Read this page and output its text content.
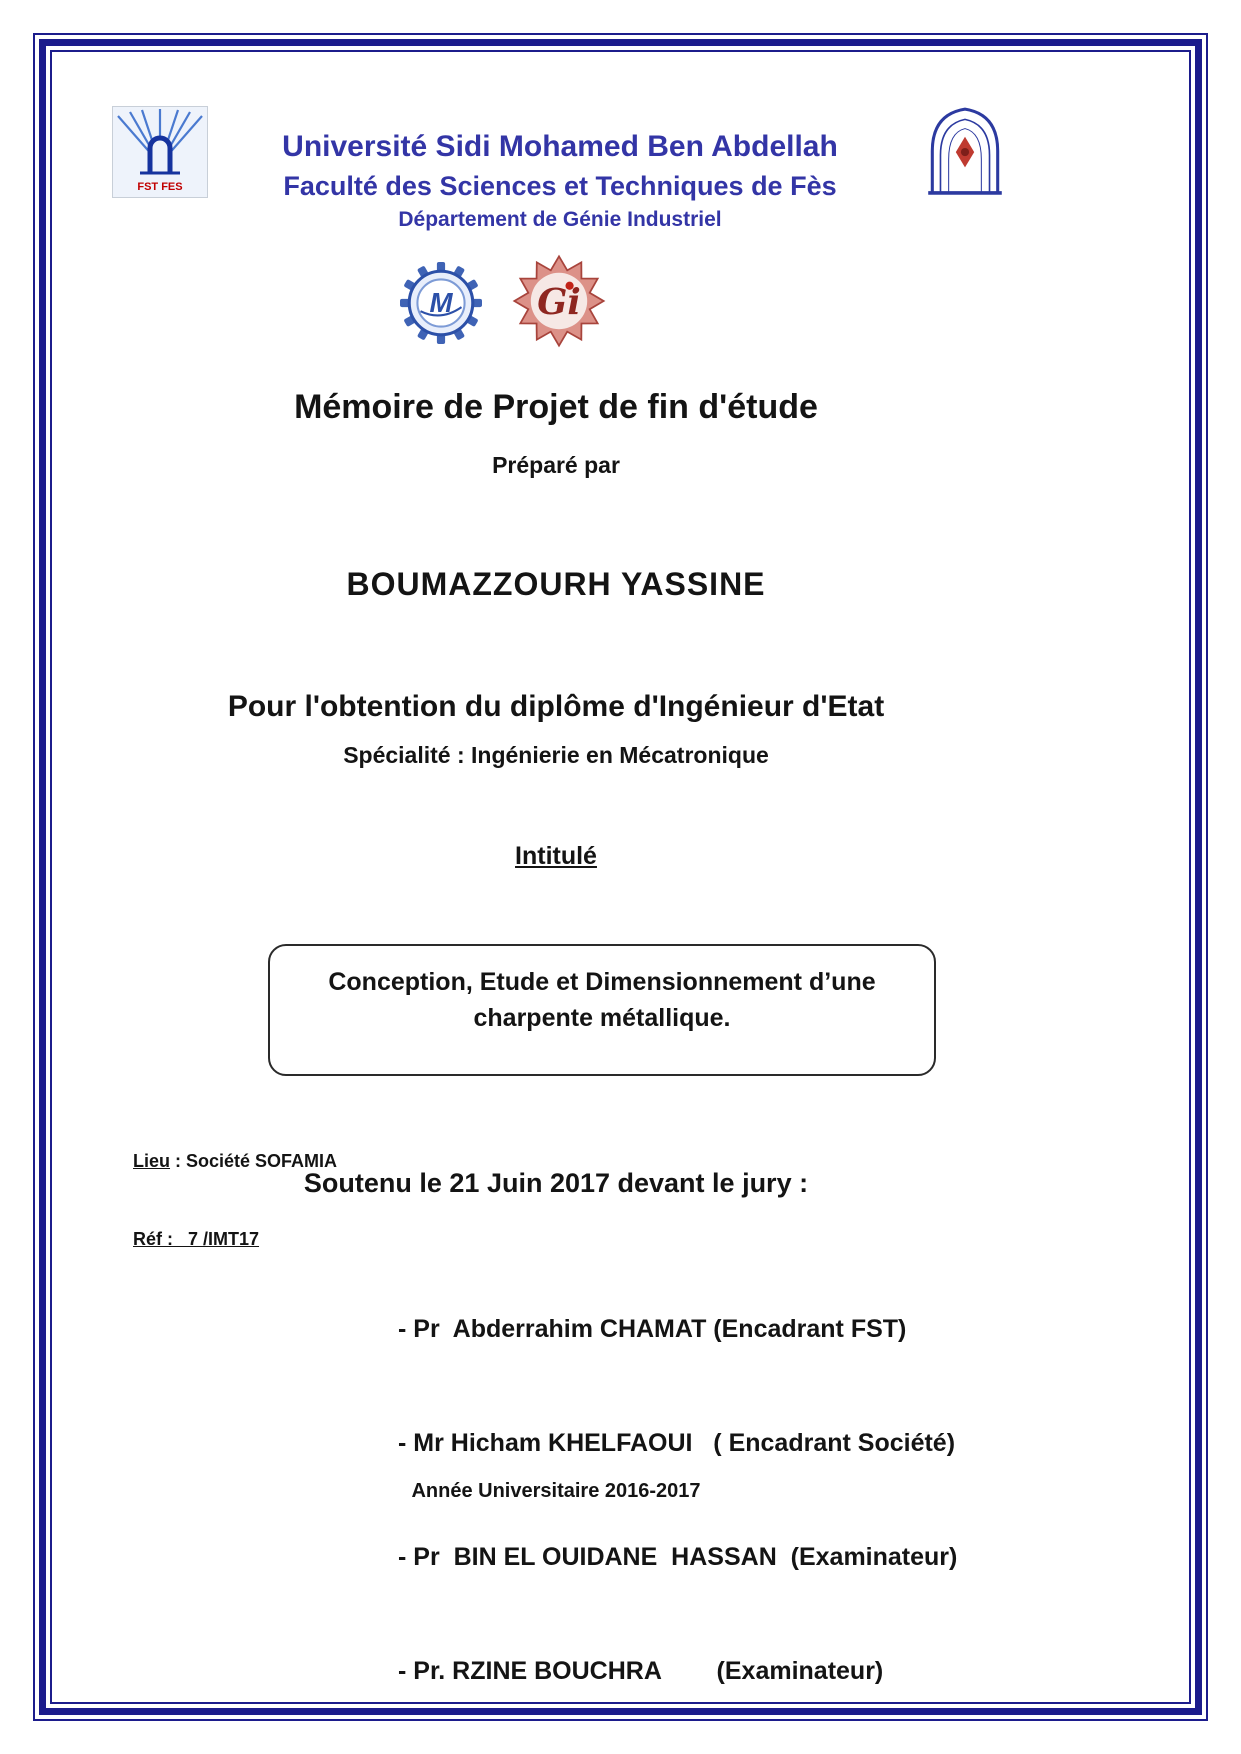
FST FES
Université Sidi Mohamed Ben Abdellah
Faculté des Sciences et Techniques de Fès
Département de Génie Industriel
M	Gi
Mémoire de Projet de fin d'étude
Préparé par
BOUMAZZOURH YASSINE
Pour l'obtention du diplôme d'Ingénieur d'Etat
Spécialité : Ingénierie en Mécatronique
Intitulé
Conception, Etude et Dimensionnement d’une charpente métallique.

Lieu : Société SOFAMIA

Réf :   7 /IMT17

Soutenu le 21 Juin 2017 devant le jury :

- Pr  Abderrahim CHAMAT (Encadrant FST)

- Mr Hicham KHELFAOUI   ( Encadrant Société)

- Pr  BIN EL OUIDANE  HASSAN  (Examinateur)

- Pr. RZINE BOUCHRA        (Examinateur)

Année Universitaire 2016-2017
